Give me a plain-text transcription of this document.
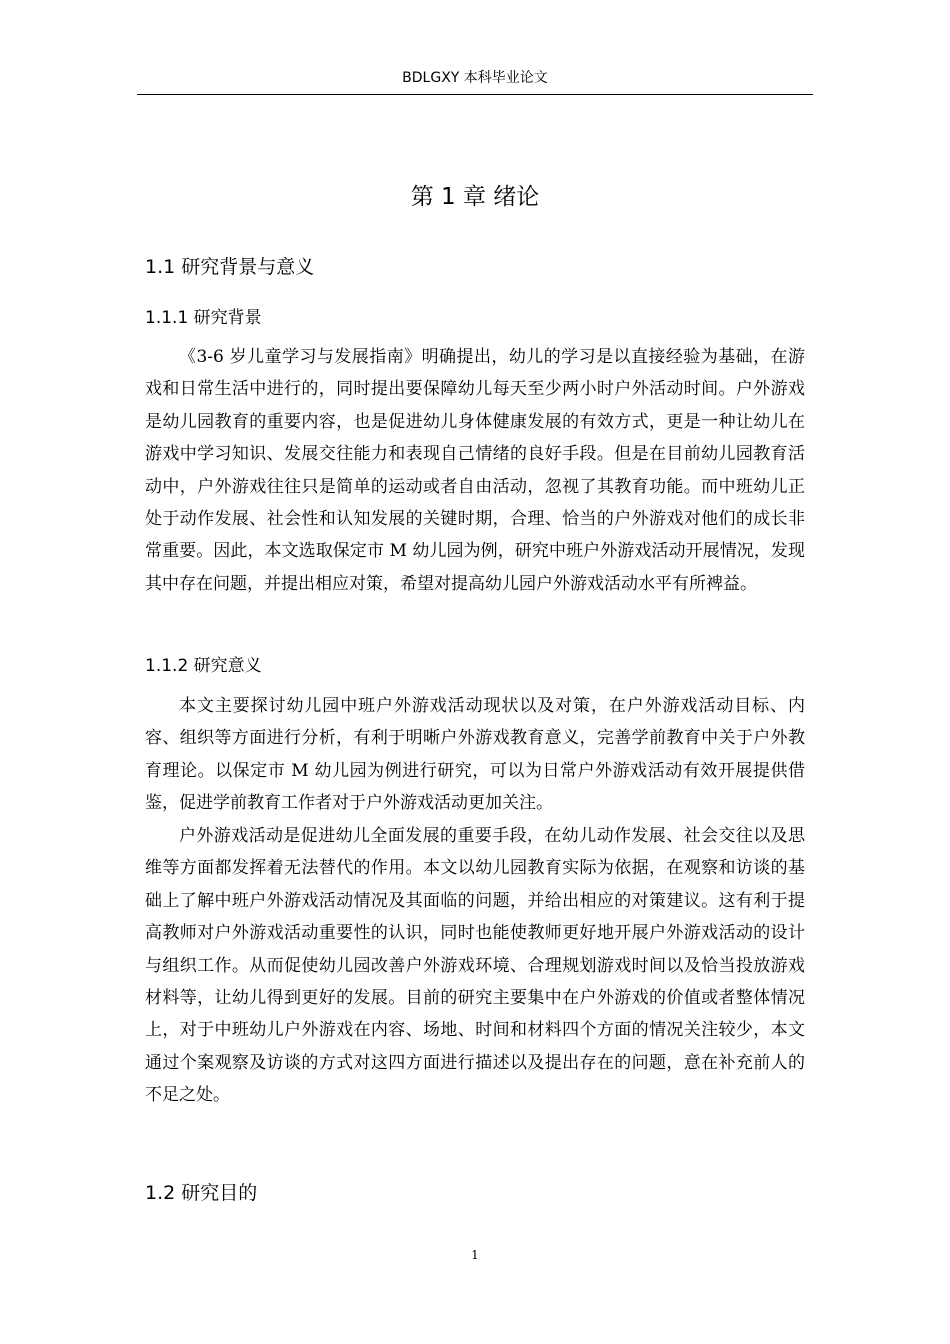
BDLGXY 本科毕业论文
第 1 章 绪论
1.1 研究背景与意义
1.1.1 研究背景

《3-6 岁儿童学习与发展指南》明确提出，幼儿的学习是以直接经验为基础，在游戏和日常生活中进行的，同时提出要保障幼儿每天至少两小时户外活动时间。户外游戏是幼儿园教育的重要内容，也是促进幼儿身体健康发展的有效方式，更是一种让幼儿在游戏中学习知识、发展交往能力和表现自己情绪的良好手段。但是在目前幼儿园教育活动中，户外游戏往往只是简单的运动或者自由活动，忽视了其教育功能。而中班幼儿正处于动作发展、社会性和认知发展的关键时期，合理、恰当的户外游戏对他们的成长非常重要。因此，本文选取保定市 M 幼儿园为例，研究中班户外游戏活动开展情况，发现其中存在问题，并提出相应对策，希望对提高幼儿园户外游戏活动水平有所裨益。

1.1.2 研究意义

本文主要探讨幼儿园中班户外游戏活动现状以及对策，在户外游戏活动目标、内容、组织等方面进行分析，有利于明晰户外游戏教育意义，完善学前教育中关于户外教育理论。以保定市 M 幼儿园为例进行研究，可以为日常户外游戏活动有效开展提供借鉴，促进学前教育工作者对于户外游戏活动更加关注。

户外游戏活动是促进幼儿全面发展的重要手段，在幼儿动作发展、社会交往以及思维等方面都发挥着无法替代的作用。本文以幼儿园教育实际为依据，在观察和访谈的基础上了解中班户外游戏活动情况及其面临的问题，并给出相应的对策建议。这有利于提高教师对户外游戏活动重要性的认识，同时也能使教师更好地开展户外游戏活动的设计与组织工作。从而促使幼儿园改善户外游戏环境、合理规划游戏时间以及恰当投放游戏材料等，让幼儿得到更好的发展。目前的研究主要集中在户外游戏的价值或者整体情况上，对于中班幼儿户外游戏在内容、场地、时间和材料四个方面的情况关注较少，本文通过个案观察及访谈的方式对这四方面进行描述以及提出存在的问题，意在补充前人的不足之处。

1.2 研究目的
1
